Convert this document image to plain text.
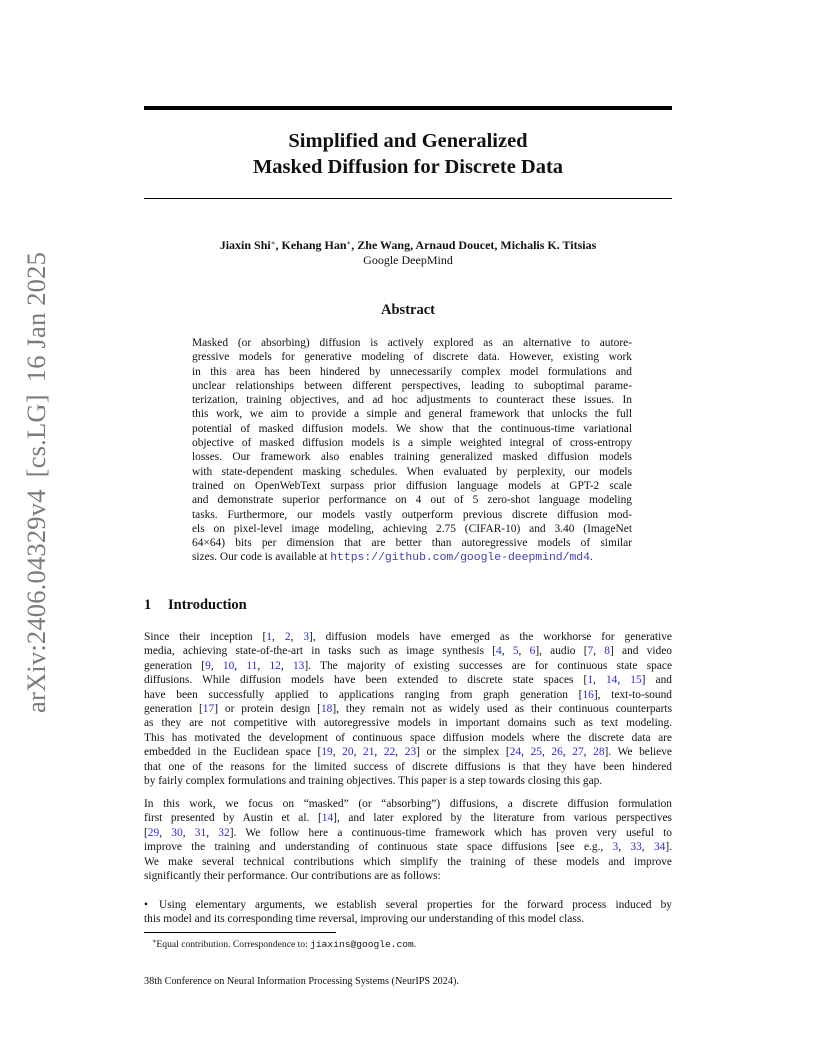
arXiv:2406.04329v4[cs.LG]16 Jan 2025
Simplified and Generalized
Masked Diffusion for Discrete Data
Jiaxin Shi∗, Kehang Han∗, Zhe Wang, Arnaud Doucet, Michalis K. Titsias
Google DeepMind
Abstract
Masked (or absorbing) diffusion is actively explored as an alternative to autore-
gressive models for generative modeling of discrete data. However, existing work
in this area has been hindered by unnecessarily complex model formulations and
unclear relationships between different perspectives, leading to suboptimal parame-
terization, training objectives, and ad hoc adjustments to counteract these issues. In
this work, we aim to provide a simple and general framework that unlocks the full
potential of masked diffusion models. We show that the continuous-time variational
objective of masked diffusion models is a simple weighted integral of cross-entropy
losses. Our framework also enables training generalized masked diffusion models
with state-dependent masking schedules. When evaluated by perplexity, our models
trained on OpenWebText surpass prior diffusion language models at GPT-2 scale
and demonstrate superior performance on 4 out of 5 zero-shot language modeling
tasks. Furthermore, our models vastly outperform previous discrete diffusion mod-
els on pixel-level image modeling, achieving 2.75 (CIFAR-10) and 3.40 (ImageNet
64×64) bits per dimension that are better than autoregressive models of similar
sizes. Our code is available at https://github.com/google-deepmind/md4.
1 Introduction
Since their inception [1, 2, 3], diffusion models have emerged as the workhorse for generative
media, achieving state-of-the-art in tasks such as image synthesis [4, 5, 6], audio [7, 8] and video
generation [9, 10, 11, 12, 13]. The majority of existing successes are for continuous state space
diffusions. While diffusion models have been extended to discrete state spaces [1, 14, 15] and
have been successfully applied to applications ranging from graph generation [16], text-to-sound
generation [17] or protein design [18], they remain not as widely used as their continuous counterparts
as they are not competitive with autoregressive models in important domains such as text modeling.
This has motivated the development of continuous space diffusion models where the discrete data are
embedded in the Euclidean space [19, 20, 21, 22, 23] or the simplex [24, 25, 26, 27, 28]. We believe
that one of the reasons for the limited success of discrete diffusions is that they have been hindered
by fairly complex formulations and training objectives. This paper is a step towards closing this gap.
In this work, we focus on “masked” (or “absorbing”) diffusions, a discrete diffusion formulation
first presented by Austin et al. [14], and later explored by the literature from various perspectives
[29, 30, 31, 32]. We follow here a continuous-time framework which has proven very useful to
improve the training and understanding of continuous state space diffusions [see e.g., 3, 33, 34].
We make several technical contributions which simplify the training of these models and improve
significantly their performance. Our contributions are as follows:
• Using elementary arguments, we establish several properties for the forward process induced by
this model and its corresponding time reversal, improving our understanding of this model class.
∗Equal contribution. Correspondence to: jiaxins@google.com.
38th Conference on Neural Information Processing Systems (NeurIPS 2024).
